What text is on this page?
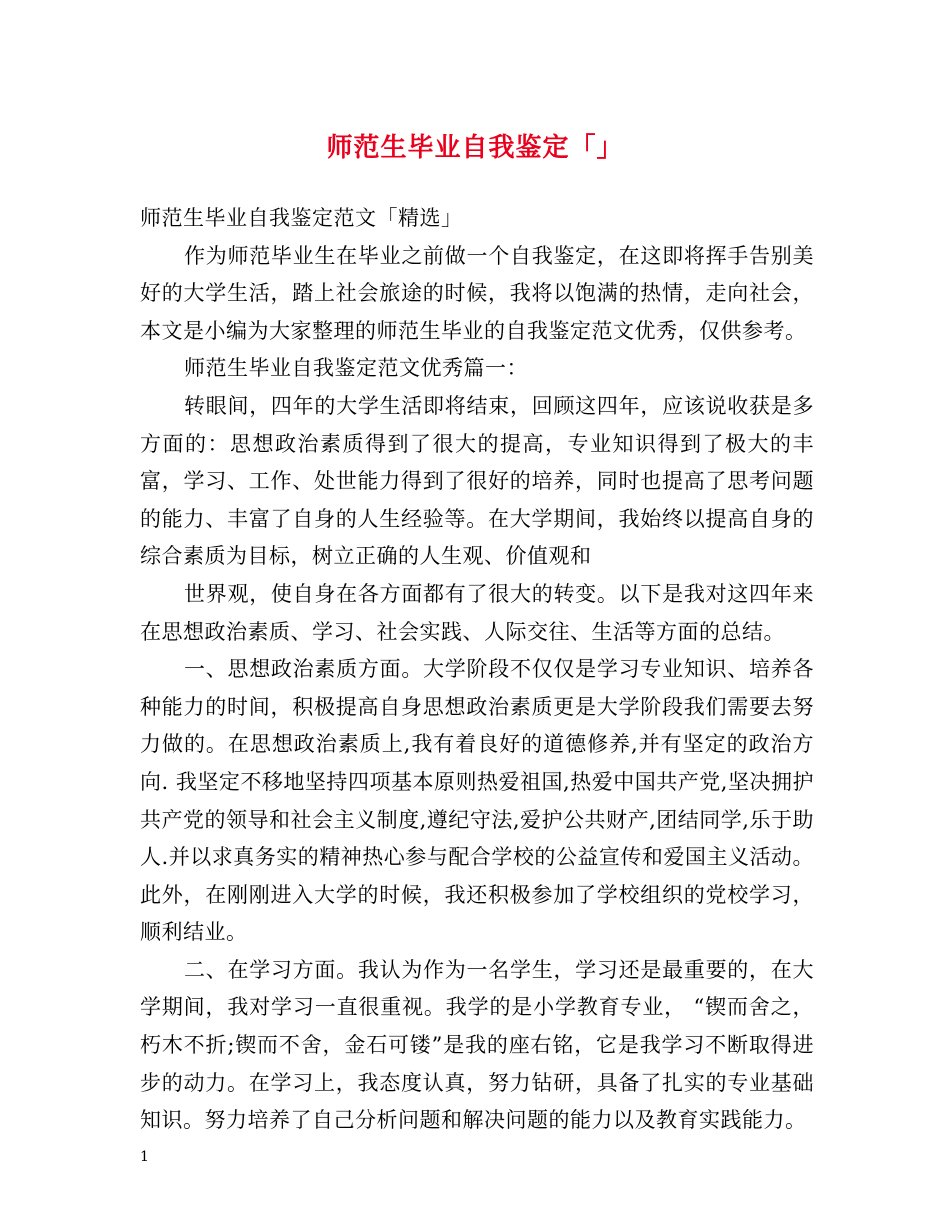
师范生毕业自我鉴定「」

师范生毕业自我鉴定范文「精选」

作为师范毕业生在毕业之前做一个自我鉴定，在这即将挥手告别美好的大学生活，踏上社会旅途的时候，我将以饱满的热情，走向社会，本文是小编为大家整理的师范生毕业的自我鉴定范文优秀，仅供参考。

师范生毕业自我鉴定范文优秀篇一：

转眼间，四年的大学生活即将结束，回顾这四年，应该说收获是多方面的：思想政治素质得到了很大的提高，专业知识得到了极大的丰富，学习、工作、处世能力得到了很好的培养，同时也提高了思考问题的能力、丰富了自身的人生经验等。在大学期间，我始终以提高自身的综合素质为目标，树立正确的人生观、价值观和

世界观，使自身在各方面都有了很大的转变。以下是我对这四年来在思想政治素质、学习、社会实践、人际交往、生活等方面的总结。

一、思想政治素质方面。大学阶段不仅仅是学习专业知识、培养各种能力的时间，积极提高自身思想政治素质更是大学阶段我们需要去努力做的。在思想政治素质上,我有着良好的道德修养,并有坚定的政治方向. 我坚定不移地坚持四项基本原则热爱祖国,热爱中国共产党,坚决拥护共产党的领导和社会主义制度,遵纪守法,爱护公共财产,团结同学,乐于助人.并以求真务实的精神热心参与配合学校的公益宣传和爱国主义活动。此外，在刚刚进入大学的时候，我还积极参加了学校组织的党校学习，顺利结业。

二、在学习方面。我认为作为一名学生，学习还是最重要的，在大学期间，我对学习一直很重视。我学的是小学教育专业， “锲而舍之，朽木不折;锲而不舍，金石可镂”是我的座右铭，它是我学习不断取得进步的动力。在学习上，我态度认真，努力钻研，具备了扎实的专业基础知识。努力培养了自己分析问题和解决问题的能力以及教育实践能力。

1
